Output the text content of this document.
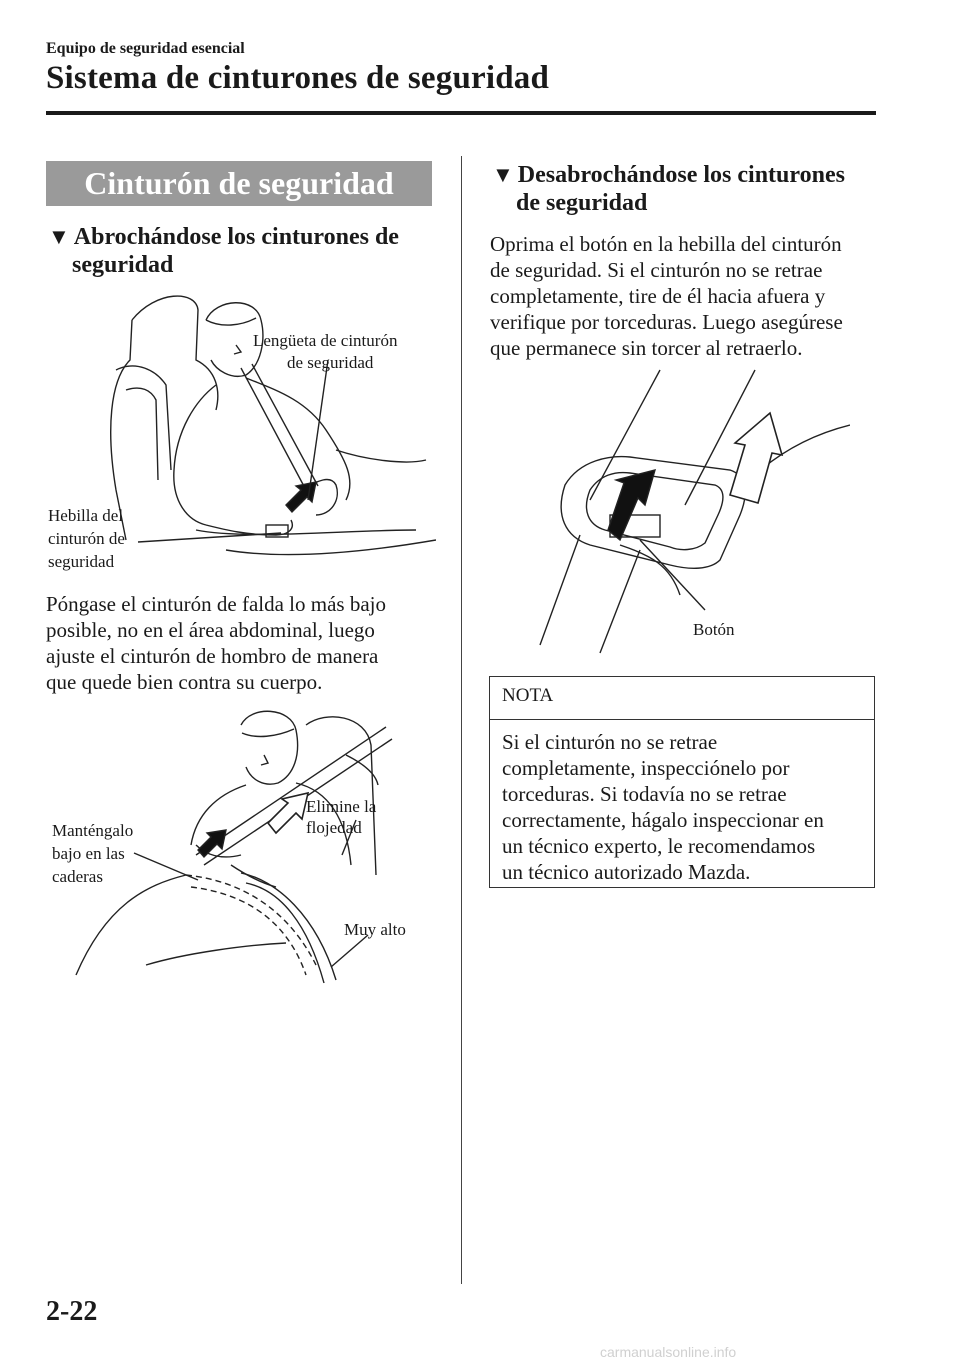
Equipo de seguridad esencial
Sistema de cinturones de seguridad
Cinturón de seguridad
▼ Abrochándose los cinturones de
seguridad
Lengüeta de cinturón
de seguridad
Hebilla del
cinturón de
seguridad
Póngase el cinturón de falda lo más bajo
posible, no en el área abdominal, luego
ajuste el cinturón de hombro de manera
que quede bien contra su cuerpo.
Elimine la
flojedad
Manténgalo
bajo en las
caderas
Muy alto
▼ Desabrochándose los cinturones
de seguridad
Oprima el botón en la hebilla del cinturón
de seguridad. Si el cinturón no se retrae
completamente, tire de él hacia afuera y
verifique por torceduras. Luego asegúrese
que permanece sin torcer al retraerlo.
Botón
NOTA
Si el cinturón no se retrae
completamente, inspecciónelo por
torceduras. Si todavía no se retrae
correctamente, hágalo inspeccionar en
un técnico experto, le recomendamos
un técnico autorizado Mazda.
2-22
carmanualsonline.info
